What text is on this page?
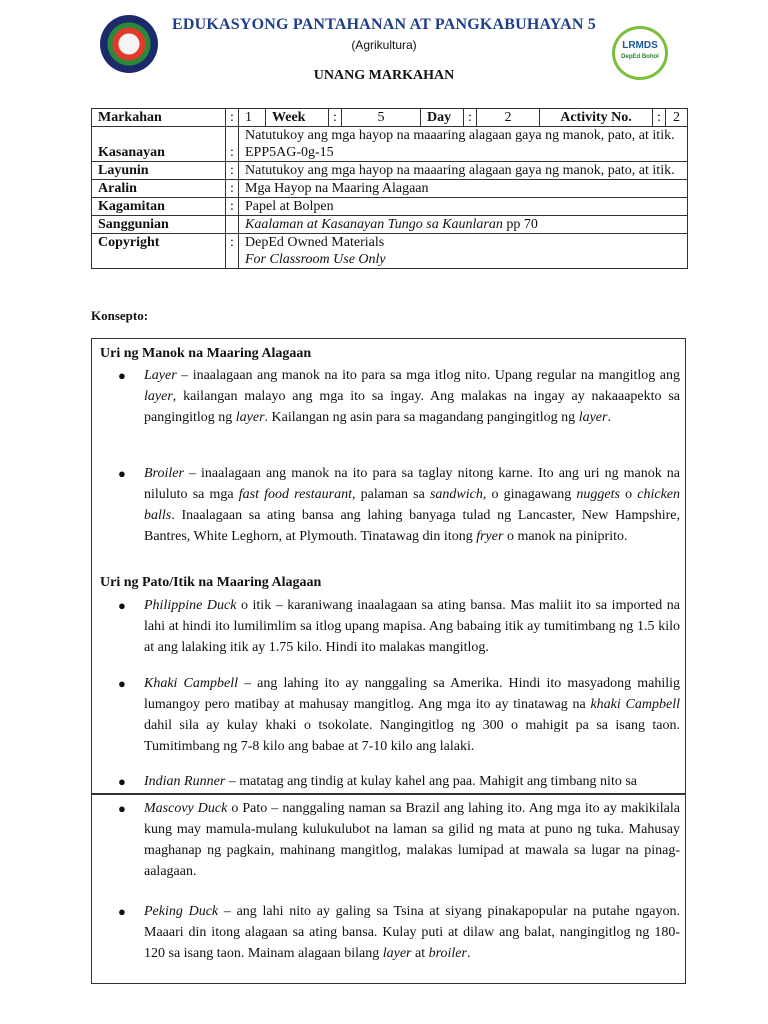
LRMDS
DepEd Bohol
EDUKASYONG PANTAHANAN AT PANGKABUHAYAN 5
(Agrikultura)
UNANG MARKAHAN
Markahan	:	1	Week	:	5	Day	:	2	Activity No.	:	2
Kasanayan	:	Natutukoy ang mga hayop na maaaring alagaan gaya ng manok, pato, at itik. EPP5AG-0g-15									
Layunin	:	Natutukoy ang mga hayop na maaaring alagaan gaya ng manok, pato, at itik.									
Aralin	:	Mga Hayop na Maaring Alagaan									
Kagamitan	:	Papel at Bolpen									
Sanggunian		Kaalaman at Kasanayan Tungo sa Kaunlaran pp 70									
Copyright	:	DepEd Owned Materials
For Classroom Use Only									
Konsepto:
Uri ng Manok na Maaring Alagaan
● Layer – inaalagaan ang manok na ito para sa mga itlog nito. Upang regular na mangitlog ang layer, kailangan malayo ang mga ito sa ingay. Ang malakas na ingay ay nakaaapekto sa pangingitlog ng layer. Kailangan ng asin para sa magandang pangingitlog ng layer.
● Broiler – inaalagaan ang manok na ito para sa taglay nitong karne. Ito ang uri ng manok na niluluto sa mga fast food restaurant, palaman sa sandwich, o ginagawang nuggets o chicken balls. Inaalagaan sa ating bansa ang lahing banyaga tulad ng Lancaster, New Hampshire, Bantres, White Leghorn, at Plymouth. Tinatawag din itong fryer o manok na piniprito.
Uri ng Pato/Itik na Maaring Alagaan
● Philippine Duck o itik – karaniwang inaalagaan sa ating bansa. Mas maliit ito sa imported na lahi at hindi ito lumilimlim sa itlog upang mapisa. Ang babaing itik ay tumitimbang ng 1.5 kilo at ang lalaking itik ay 1.75 kilo. Hindi ito malakas mangitlog.
● Khaki Campbell – ang lahing ito ay nanggaling sa Amerika. Hindi ito masyadong mahilig lumangoy pero matibay at mahusay mangitlog. Ang mga ito ay tinatawag na khaki Campbell dahil sila ay kulay khaki o tsokolate. Nangingitlog ng 300 o mahigit pa sa isang taon. Tumitimbang ng 7-8 kilo ang babae at 7-10 kilo ang lalaki.
● Indian Runner – matatag ang tindig at kulay kahel ang paa. Mahigit ang timbang nito sa
● Mascovy Duck o Pato – nanggaling naman sa Brazil ang lahing ito. Ang mga ito ay makikilala kung may mamula-mulang kulukulubot na laman sa gilid ng mata at puno ng tuka. Mahusay maghanap ng pagkain, mahinang mangitlog, malakas lumipad at mawala sa lugar na pinag-aalagaan.
● Peking Duck – ang lahi nito ay galing sa Tsina at siyang pinakapopular na putahe ngayon. Maaari din itong alagaan sa ating bansa. Kulay puti at dilaw ang balat, nangingitlog ng 180-120 sa isang taon. Mainam alagaan bilang layer at broiler.
